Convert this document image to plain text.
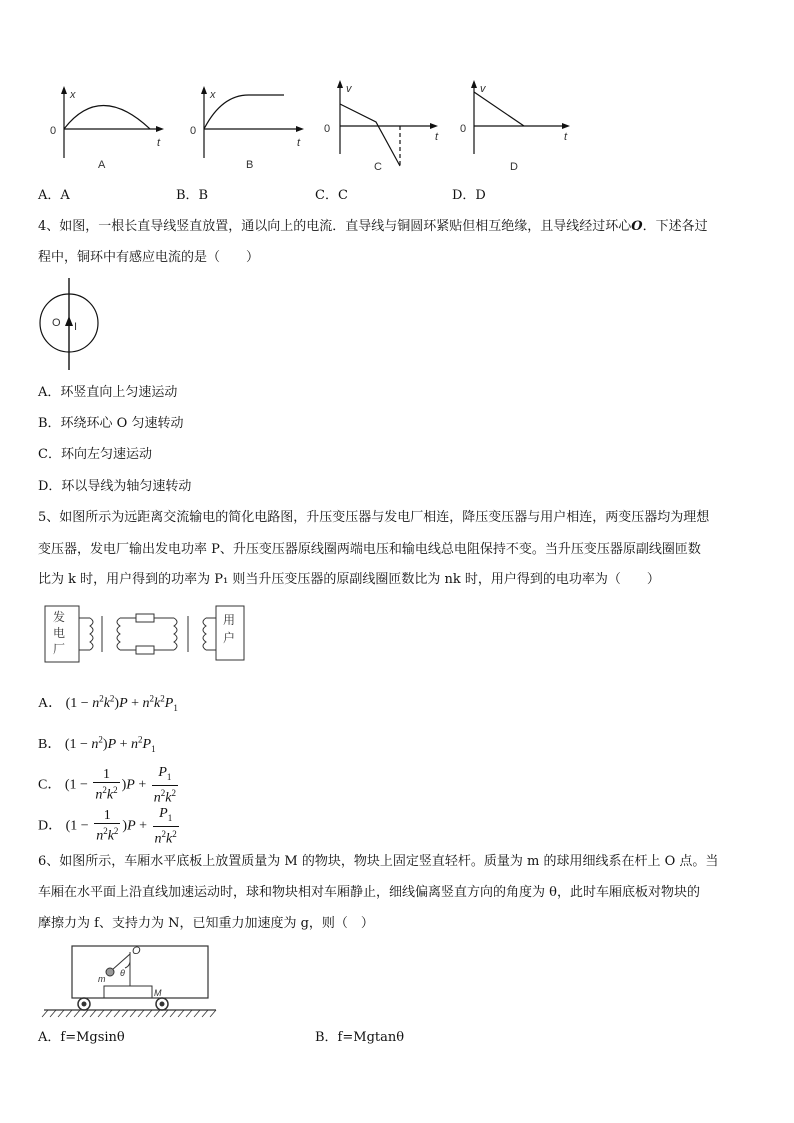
x
0
t
A
x
0
t
B
v
0
t
C
v
0
t
D
A．A	B．B	C．C	D．D
4、如图，一根长直导线竖直放置，通以向上的电流．直导线与铜圆环紧贴但相互绝缘，且导线经过环心O．下述各过
程中，铜环中有感应电流的是（　　）
O I
A．环竖直向上匀速运动
B．环绕环心 O 匀速转动
C．环向左匀速运动
D．环以导线为轴匀速转动
5、如图所示为远距离交流输电的简化电路图，升压变压器与发电厂相连，降压变压器与用户相连，两变压器均为理想
变压器，发电厂输出发电功率 P、升压变压器原线圈两端电压和输电线总电阻保持不变。当升压变压器原副线圈匝数
比为 k 时，用户得到的功率为 P₁ 则当升压变压器的原副线圈匝数比为 nk 时，用户得到的电功率为（　　）
发
电
厂
用
户
A． $(1 - n^2k^2)P + n^2k^2P_1$
B． $(1 - n^2)P + n^2P_1$
C． $(1 - \frac{1}{n^2k^2} )P + \frac{P_1}{n^2k^2}$
D． $(1 - \frac{1}{n^2k^2} )P + \frac{P_1}{n^2k^2}$
6、如图所示，车厢水平底板上放置质量为 M 的物块，物块上固定竖直轻杆。质量为 m 的球用细线系在杆上 O 点。当
车厢在水平面上沿直线加速运动时，球和物块相对车厢静止，细线偏离竖直方向的角度为 θ，此时车厢底板对物块的
摩擦力为 f、支持力为 N，已知重力加速度为 g，则（　）
O
θ
m
M
A．f=Mgsinθ	B．f=Mgtanθ
